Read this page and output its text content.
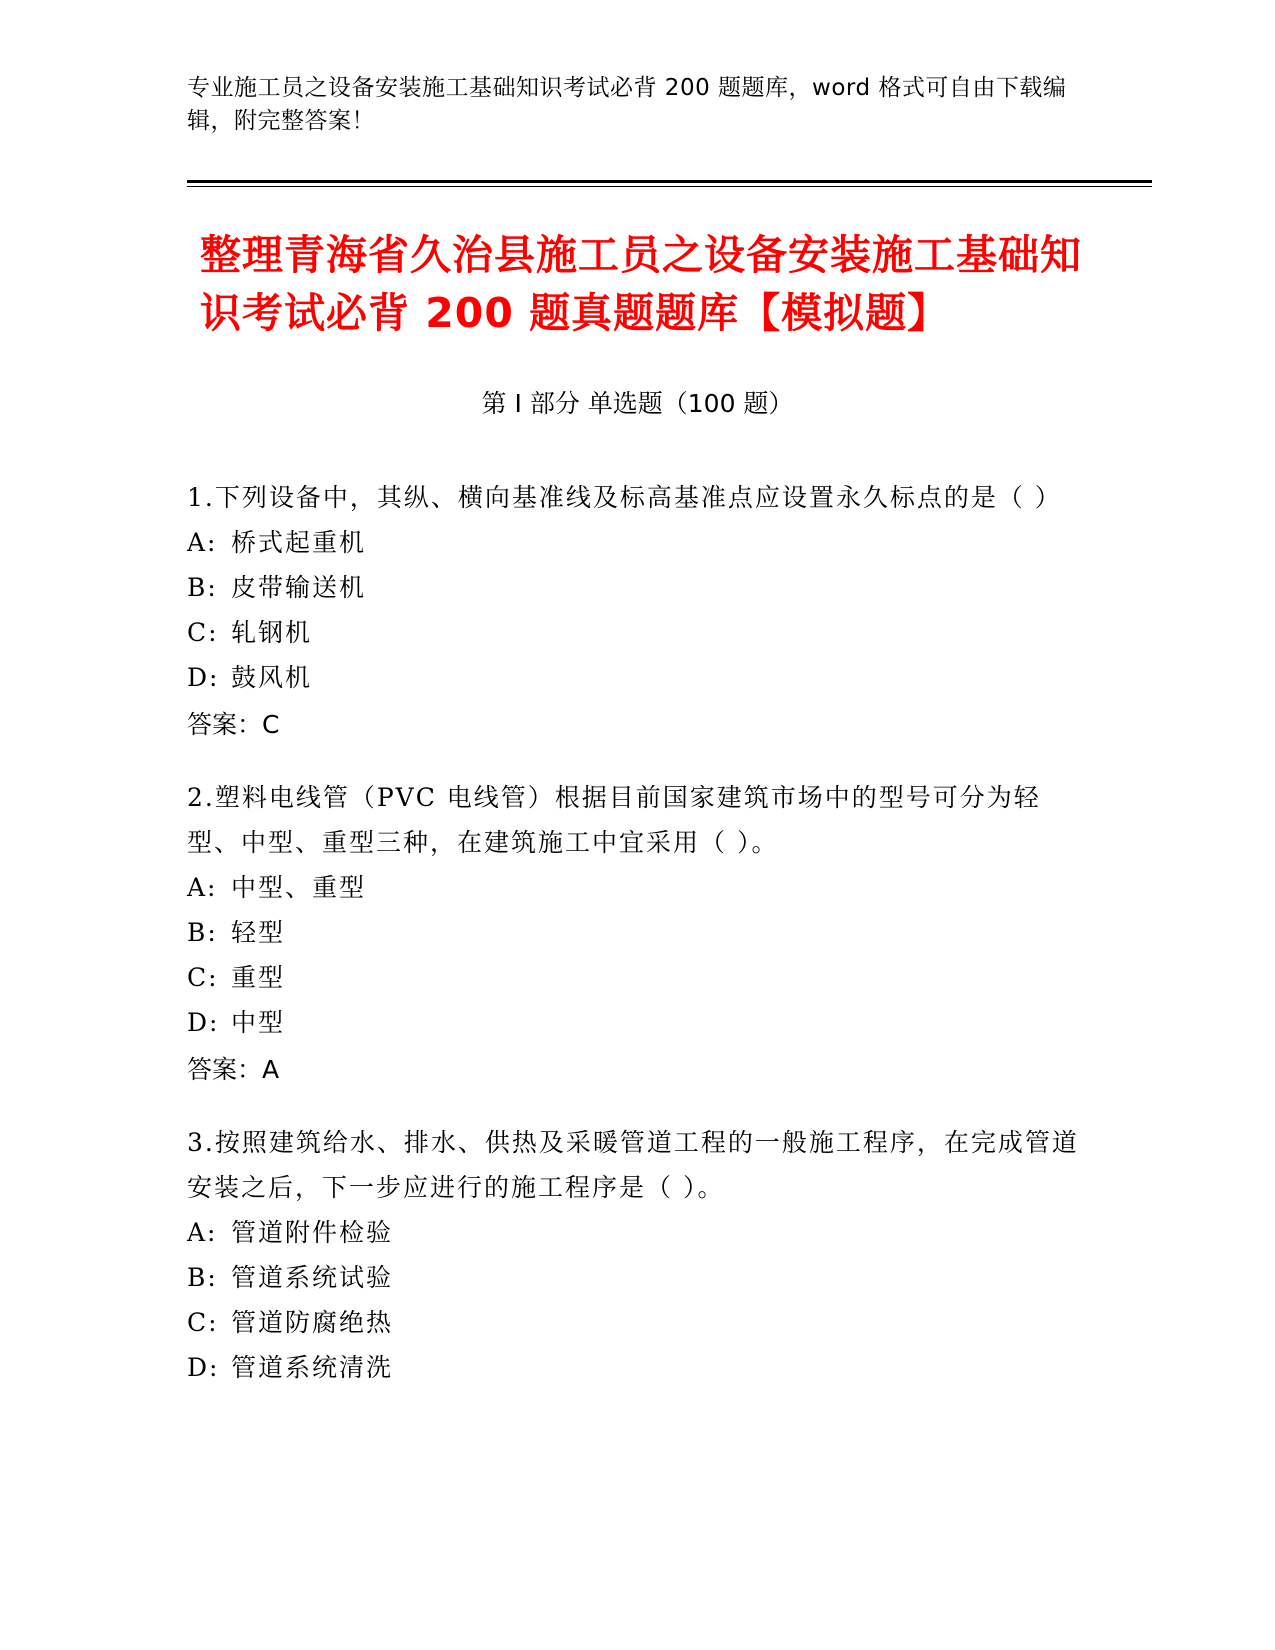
专业施工员之设备安装施工基础知识考试必背 200 题题库，word 格式可自由下载编辑，附完整答案！
整理青海省久治县施工员之设备安装施工基础知识考试必背 200 题真题题库【模拟题】
第 I 部分 单选题（100 题）
1.下列设备中，其纵、横向基准线及标高基准点应设置永久标点的是（ ）
A: 桥式起重机
B: 皮带输送机
C: 轧钢机
D: 鼓风机
答案：C
2.塑料电线管（PVC 电线管）根据目前国家建筑市场中的型号可分为轻型、中型、重型三种，在建筑施工中宜采用（ ）。
A: 中型、重型
B: 轻型
C: 重型
D: 中型
答案：A
3.按照建筑给水、排水、供热及采暖管道工程的一般施工程序，在完成管道安装之后，下一步应进行的施工程序是（ ）。
A: 管道附件检验
B: 管道系统试验
C: 管道防腐绝热
D: 管道系统清洗
